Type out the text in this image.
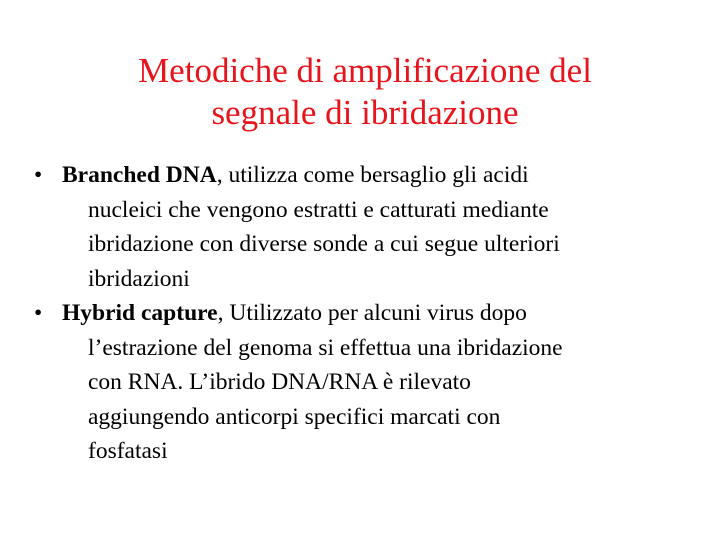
Metodiche di amplificazione del
segnale di ibridazione
• Branched DNA, utilizza come bersaglio gli acidi
nucleici che vengono estratti e catturati mediante
ibridazione con diverse sonde a cui segue ulteriori
ibridazioni
• Hybrid capture, Utilizzato per alcuni virus dopo
l’estrazione del genoma si effettua una ibridazione
con RNA. L’ibrido DNA/RNA è rilevato
aggiungendo anticorpi specifici marcati con
fosfatasi
